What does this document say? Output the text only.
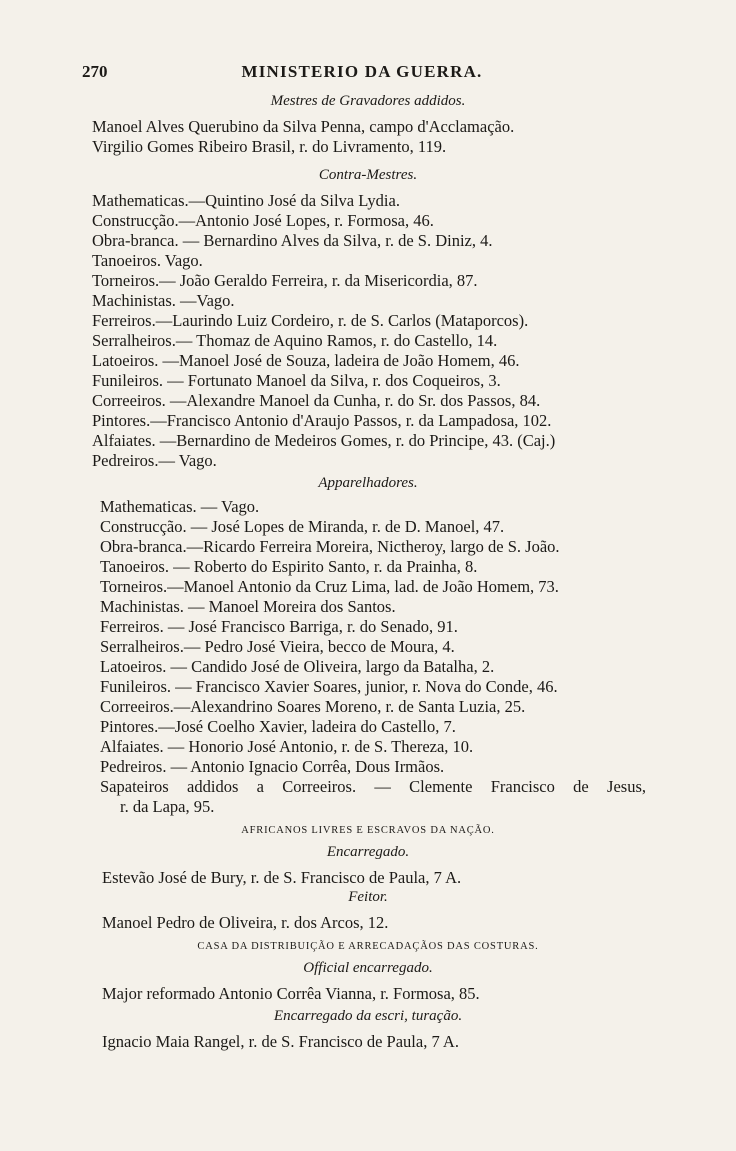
270	MINISTERIO DA GUERRA.
Mestres de Gravadores addidos.
Manoel Alves Querubino da Silva Penna, campo d'Acclamação.
Virgilio Gomes Ribeiro Brasil, r. do Livramento, 119.
Contra-Mestres.
Mathematicas.—Quintino José da Silva Lydia.
Construcção.—Antonio José Lopes, r. Formosa, 46.
Obra-branca. — Bernardino Alves da Silva, r. de S. Diniz, 4.
Tanoeiros. Vago.
Torneiros.— João Geraldo Ferreira, r. da Misericordia, 87.
Machinistas. —Vago.
Ferreiros.—Laurindo Luiz Cordeiro, r. de S. Carlos (Mataporcos).
Serralheiros.— Thomaz de Aquino Ramos, r. do Castello, 14.
Latoeiros. —Manoel José de Souza, ladeira de João Homem, 46.
Funileiros. — Fortunato Manoel da Silva, r. dos Coqueiros, 3.
Correeiros. —Alexandre Manoel da Cunha, r. do Sr. dos Passos, 84.
Pintores.—Francisco Antonio d'Araujo Passos, r. da Lampadosa, 102.
Alfaiates. —Bernardino de Medeiros Gomes, r. do Principe, 43. (Caj.)
Pedreiros.— Vago.
Apparelhadores.
Mathematicas. — Vago.
Construcção. — José Lopes de Miranda, r. de D. Manoel, 47.
Obra-branca.—Ricardo Ferreira Moreira, Nictheroy, largo de S. João.
Tanoeiros. — Roberto do Espirito Santo, r. da Prainha, 8.
Torneiros.—Manoel Antonio da Cruz Lima, lad. de João Homem, 73.
Machinistas. — Manoel Moreira dos Santos.
Ferreiros. — José Francisco Barriga, r. do Senado, 91.
Serralheiros.— Pedro José Vieira, becco de Moura, 4.
Latoeiros. — Candido José de Oliveira, largo da Batalha, 2.
Funileiros. — Francisco Xavier Soares, junior, r. Nova do Conde, 46.
Correeiros.—Alexandrino Soares Moreno, r. de Santa Luzia, 25.
Pintores.—José Coelho Xavier, ladeira do Castello, 7.
Alfaiates. — Honorio José Antonio, r. de S. Thereza, 10.
Pedreiros. — Antonio Ignacio Corrêa, Dous Irmãos.
Sapateiros addidos a Correeiros. — Clemente Francisco de Jesus,
r. da Lapa, 95.
AFRICANOS LIVRES E ESCRAVOS DA NAÇÃO.
Encarregado.
Estevão José de Bury, r. de S. Francisco de Paula, 7 A.
Feitor.
Manoel Pedro de Oliveira, r. dos Arcos, 12.
CASA DA DISTRIBUIÇÃO E ARRECADAÇÃOS DAS COSTURAS.
Official encarregado.
Major reformado Antonio Corrêa Vianna, r. Formosa, 85.
Encarregado da escri, turação.
Ignacio Maia Rangel, r. de S. Francisco de Paula, 7 A.
